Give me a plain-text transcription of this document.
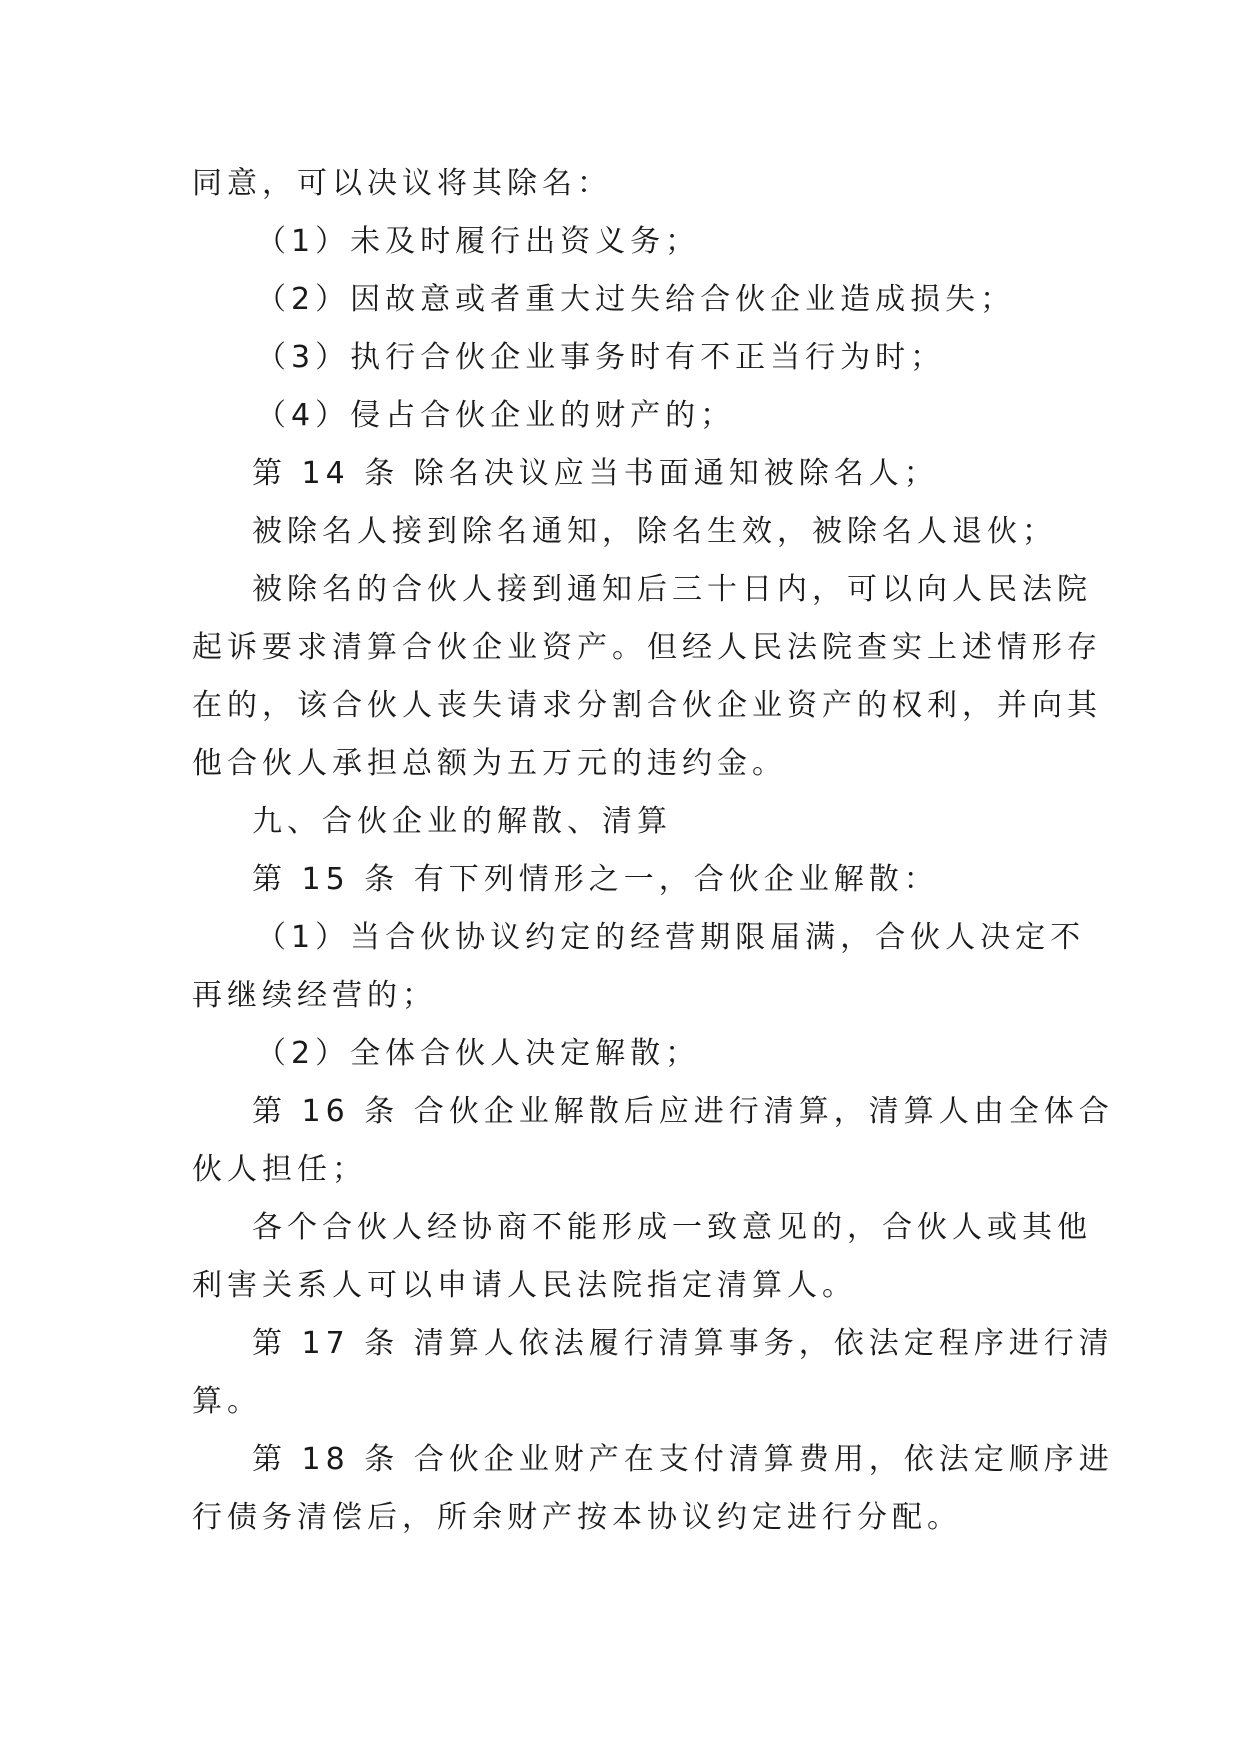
同意，可以决议将其除名：
（1）未及时履行出资义务；
（2）因故意或者重大过失给合伙企业造成损失；
（3）执行合伙企业事务时有不正当行为时；
（4）侵占合伙企业的财产的；
第 14 条 除名决议应当书面通知被除名人；
被除名人接到除名通知，除名生效，被除名人退伙；
被除名的合伙人接到通知后三十日内，可以向人民法院
起诉要求清算合伙企业资产。但经人民法院查实上述情形存
在的，该合伙人丧失请求分割合伙企业资产的权利，并向其
他合伙人承担总额为五万元的违约金。
九、合伙企业的解散、清算
第 15 条 有下列情形之一，合伙企业解散：
（1）当合伙协议约定的经营期限届满，合伙人决定不
再继续经营的；
（2）全体合伙人决定解散；
第 16 条 合伙企业解散后应进行清算，清算人由全体合
伙人担任；
各个合伙人经协商不能形成一致意见的，合伙人或其他
利害关系人可以申请人民法院指定清算人。
第 17 条 清算人依法履行清算事务，依法定程序进行清
算。
第 18 条 合伙企业财产在支付清算费用，依法定顺序进
行债务清偿后，所余财产按本协议约定进行分配。
